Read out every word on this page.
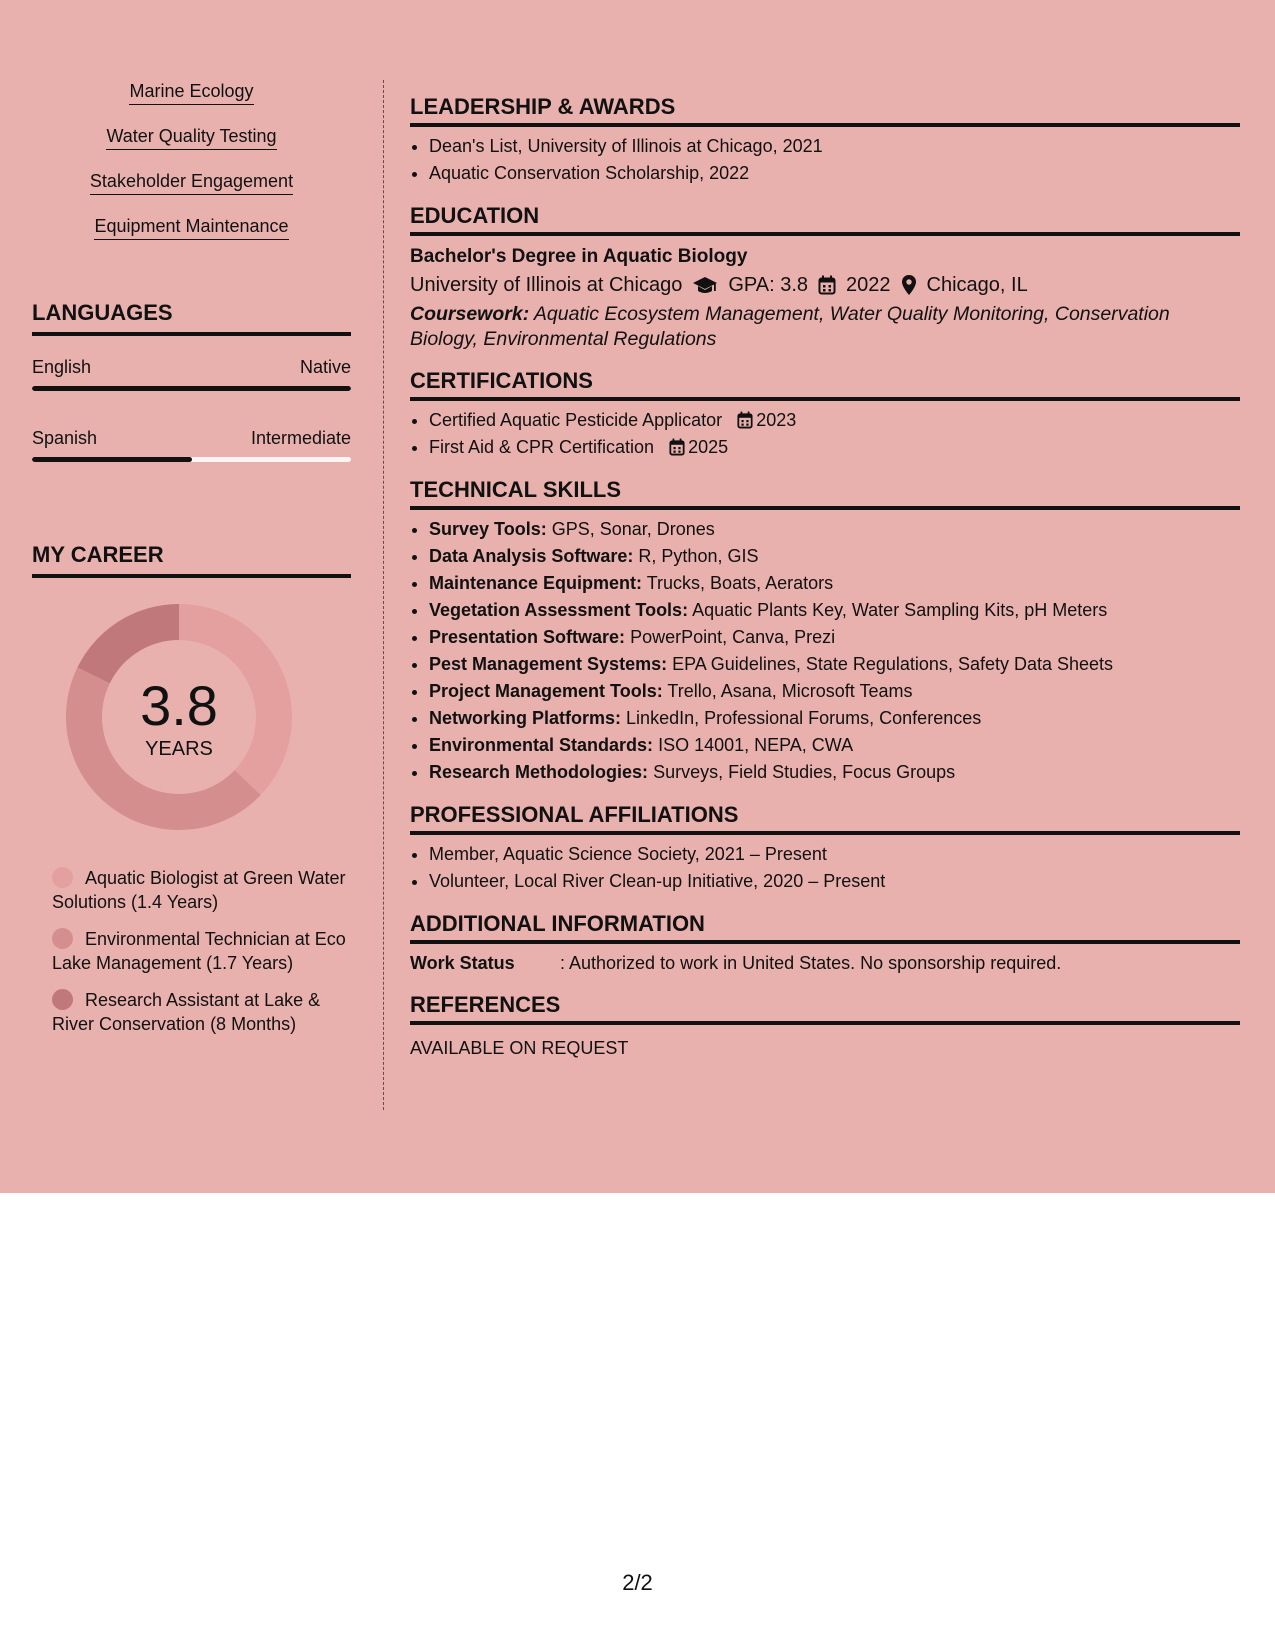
Marine Ecology
Water Quality Testing
Stakeholder Engagement
Equipment Maintenance
LANGUAGES
English	Native
Spanish	Intermediate
MY CAREER
3.8
YEARS
Aquatic Biologist at Green Water Solutions (1.4 Years)
Environmental Technician at Eco Lake Management (1.7 Years)
Research Assistant at Lake & River Conservation (8 Months)
LEADERSHIP & AWARDS
• Dean's List, University of Illinois at Chicago, 2021
• Aquatic Conservation Scholarship, 2022
EDUCATION
Bachelor's Degree in Aquatic Biology
University of Illinois at Chicago GPA: 3.8 2022 Chicago, IL
Coursework: Aquatic Ecosystem Management, Water Quality Monitoring, Conservation Biology, Environmental Regulations
CERTIFICATIONS
• Certified Aquatic Pesticide Applicator 2023
• First Aid & CPR Certification 2025
TECHNICAL SKILLS
• Survey Tools: GPS, Sonar, Drones
• Data Analysis Software: R, Python, GIS
• Maintenance Equipment: Trucks, Boats, Aerators
• Vegetation Assessment Tools: Aquatic Plants Key, Water Sampling Kits, pH Meters
• Presentation Software: PowerPoint, Canva, Prezi
• Pest Management Systems: EPA Guidelines, State Regulations, Safety Data Sheets
• Project Management Tools: Trello, Asana, Microsoft Teams
• Networking Platforms: LinkedIn, Professional Forums, Conferences
• Environmental Standards: ISO 14001, NEPA, CWA
• Research Methodologies: Surveys, Field Studies, Focus Groups
PROFESSIONAL AFFILIATIONS
• Member, Aquatic Science Society, 2021 – Present
• Volunteer, Local River Clean-up Initiative, 2020 – Present
ADDITIONAL INFORMATION
Work Status	: Authorized to work in United States. No sponsorship required.
REFERENCES
AVAILABLE ON REQUEST
2/2
